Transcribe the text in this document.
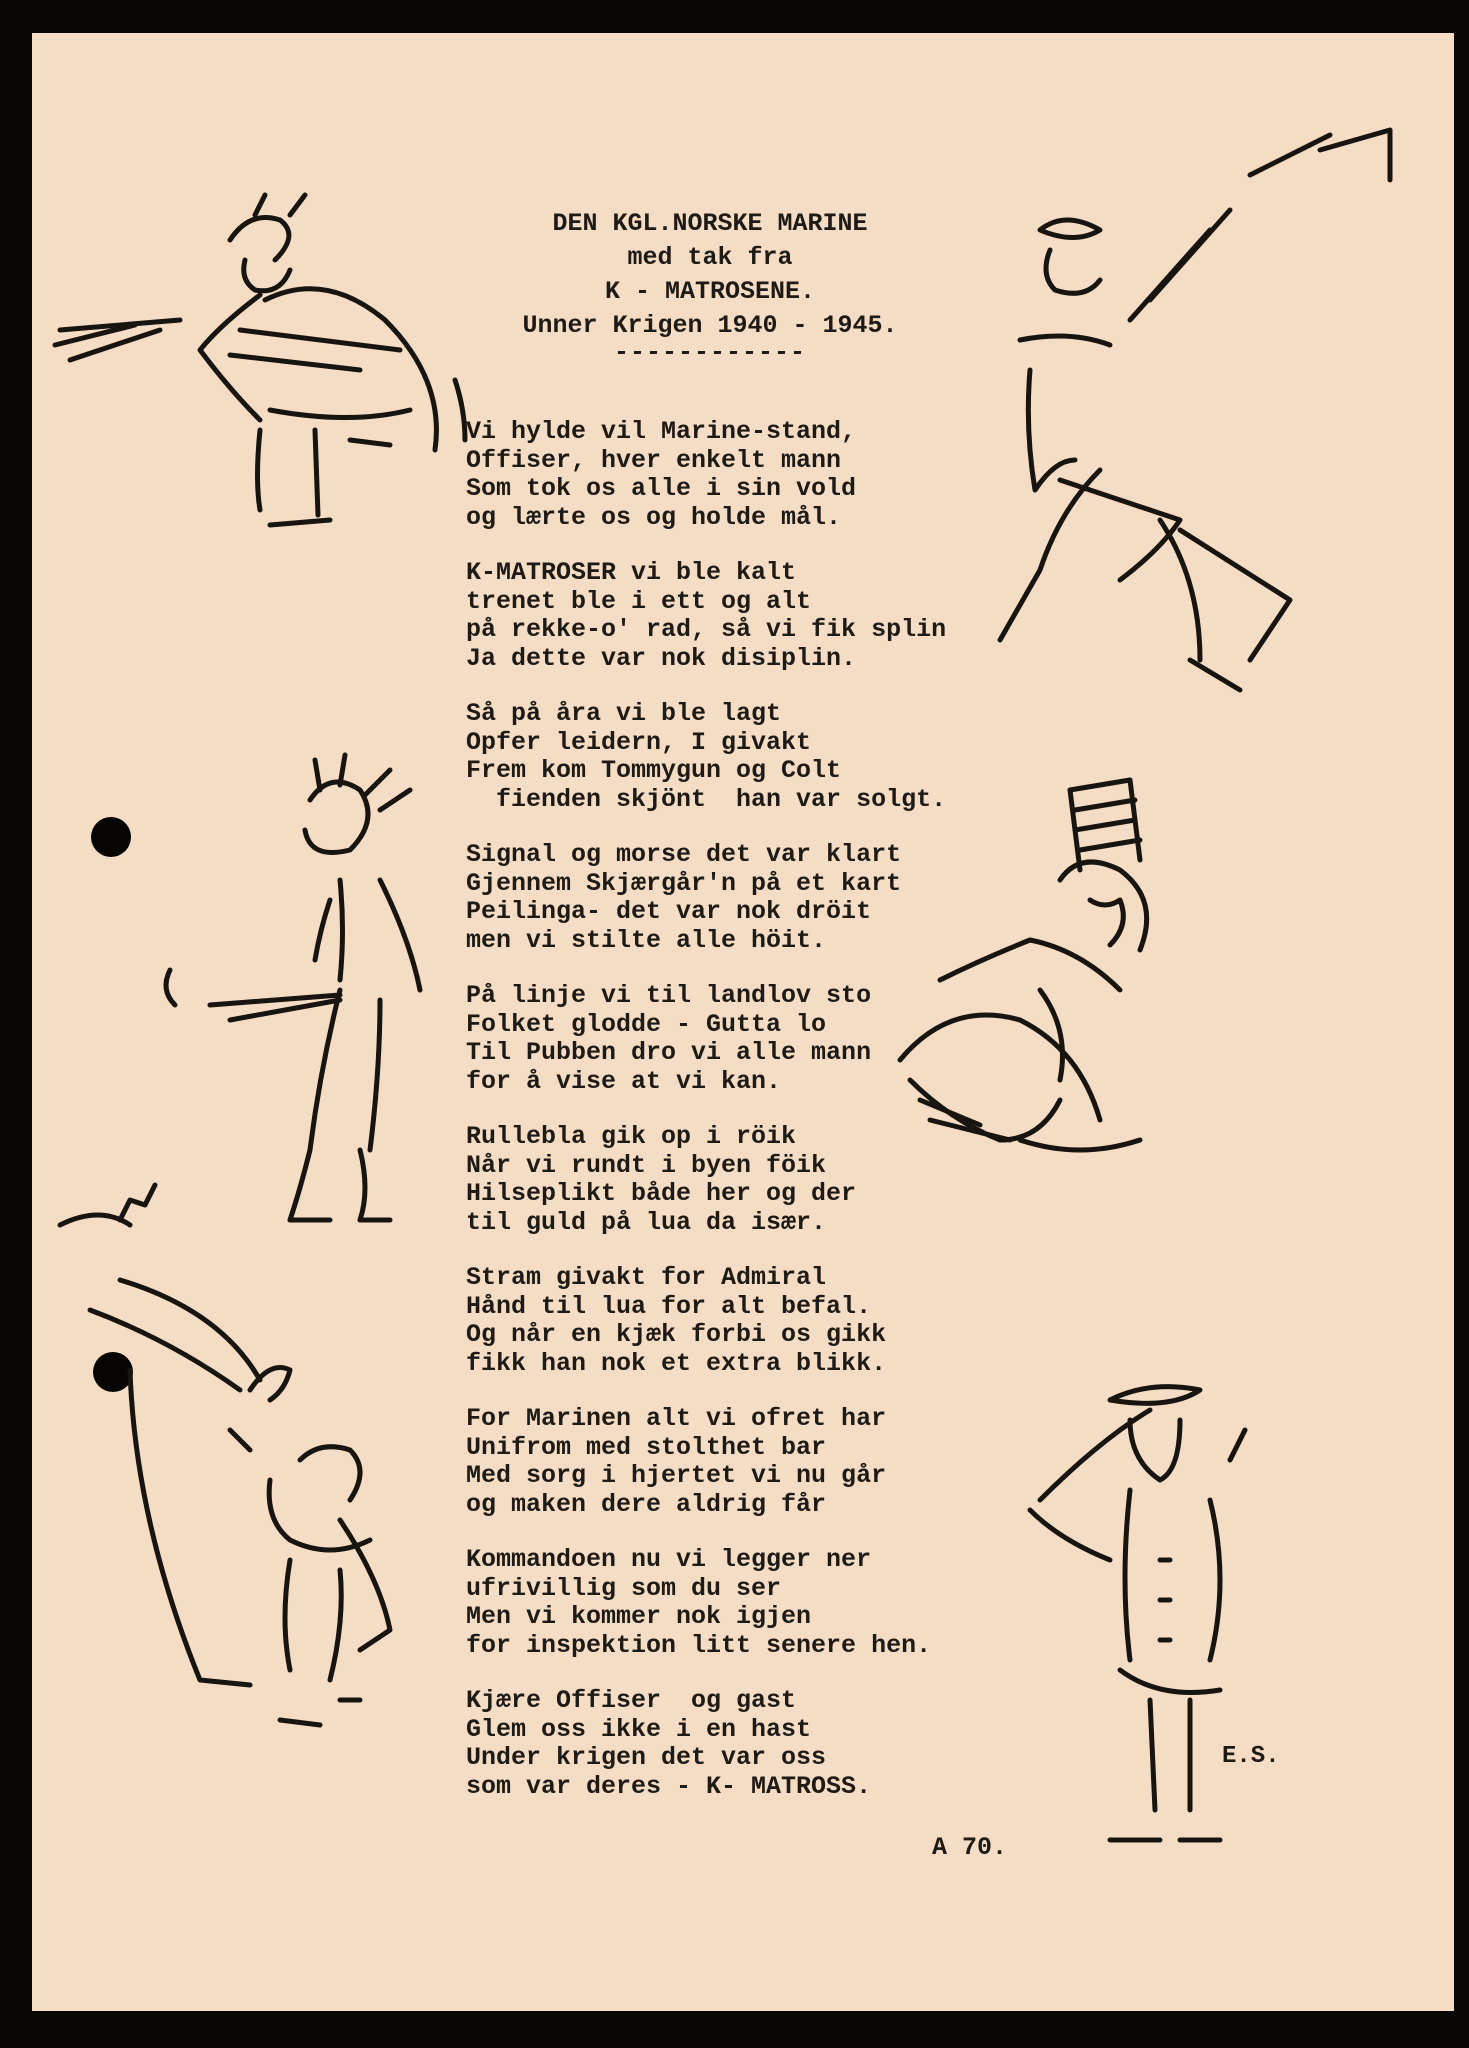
DEN KGL.NORSKE MARINE
med tak fra
K - MATROSENE.
Unner Krigen 1940 - 1945.
------------
Vi hylde vil Marine-stand,
Offiser, hver enkelt mann
Som tok os alle i sin vold
og lærte os og holde mål.
K-MATROSER vi ble kalt
trenet ble i ett og alt
på rekke-o' rad, så vi fik splin
Ja dette var nok disiplin.
Så på åra vi ble lagt
Opfer leidern, I givakt
Frem kom Tommygun og Colt
fienden skjönt  han var solgt.
Signal og morse det var klart
Gjennem Skjærgår'n på et kart
Peilinga- det var nok dröit
men vi stilte alle höit.
På linje vi til landlov sto
Folket glodde - Gutta lo
Til Pubben dro vi alle mann
for å vise at vi kan.
Rullebla gik op i röik
Når vi rundt i byen föik
Hilseplikt både her og der
til guld på lua da især.
Stram givakt for Admiral
Hånd til lua for alt befal.
Og når en kjæk forbi os gikk
fikk han nok et extra blikk.
For Marinen alt vi ofret har
Unifrom med stolthet bar
Med sorg i hjertet vi nu går
og maken dere aldrig får
Kommandoen nu vi legger ner
ufrivillig som du ser
Men vi kommer nok igjen
for inspektion litt senere hen.
Kjære Offiser  og gast
Glem oss ikke i en hast
Under krigen det var oss
som var deres - K- MATROSS.
E.S.
A 70.
